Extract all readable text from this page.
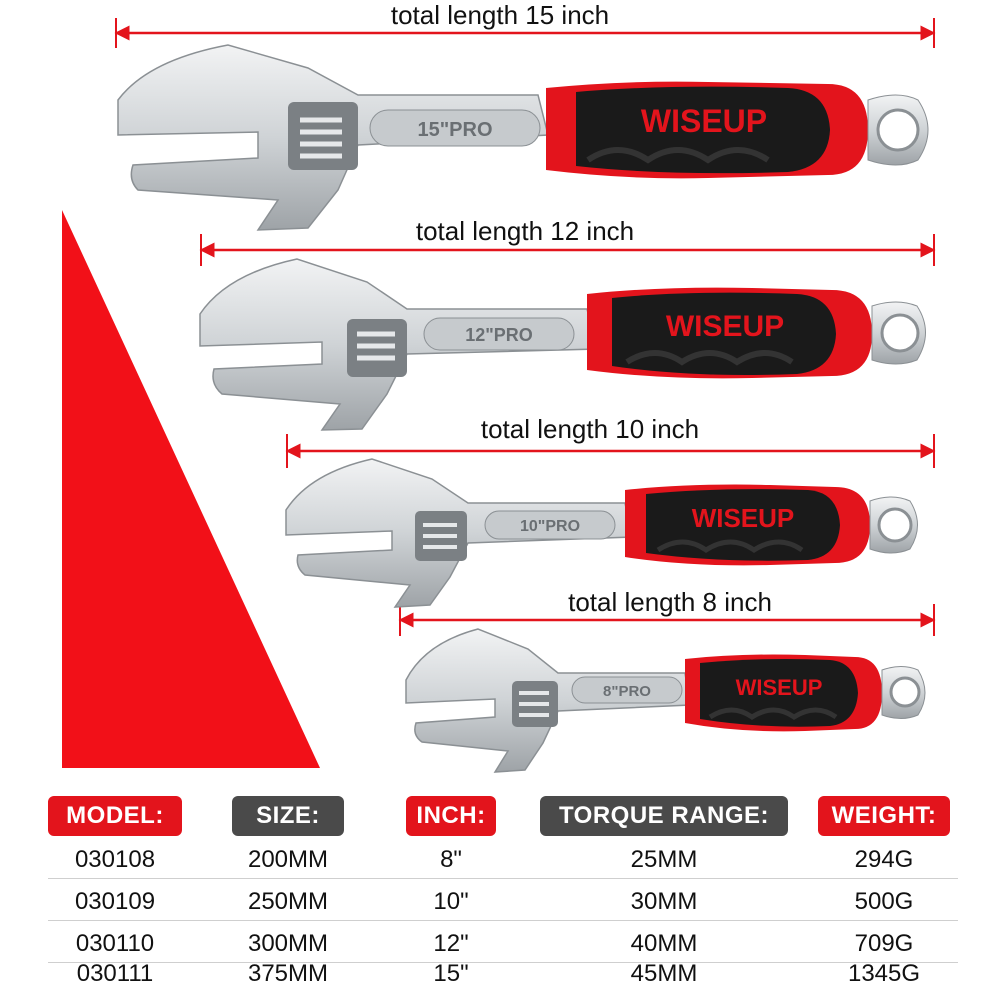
total length 15 inch
total length 12 inch
total length 10 inch
total length 8 inch
15"PRO	WISEUP
12"PRO	WISEUP
10"PRO	WISEUP
8"PRO	WISEUP
MODEL:	SIZE:	INCH:	TORQUE RANGE:	WEIGHT:
030108	200MM	8"	25MM	294G
030109	250MM	10"	30MM	500G
030110	300MM	12"	40MM	709G
030111	375MM	15"	45MM	1345G
